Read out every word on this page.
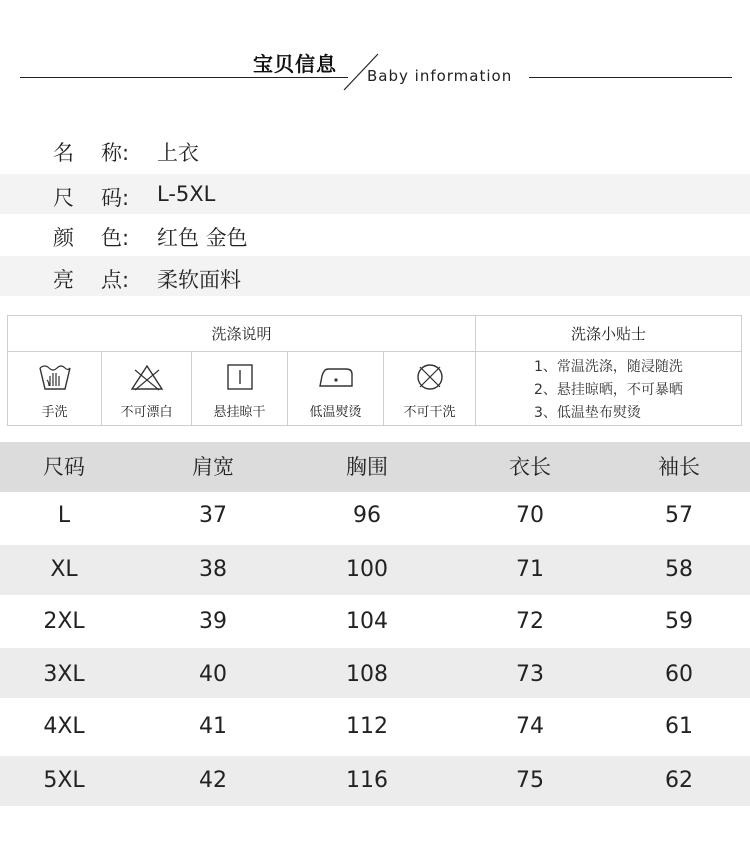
宝贝信息 Baby information
名 称: 上衣
尺 码: L-5XL
颜 色: 红色 金色
亮 点: 柔软面料
洗涤说明	洗涤小贴士
手洗	不可漂白	悬挂晾干	低温熨烫	不可干洗
1、常温洗涤，随浸随洗
2、悬挂晾晒，不可暴晒
3、低温垫布熨烫
尺码	肩宽	胸围	衣长	袖长
L	37	96	70	57
XL	38	100	71	58
2XL	39	104	72	59
3XL	40	108	73	60
4XL	41	112	74	61
5XL	42	116	75	62
